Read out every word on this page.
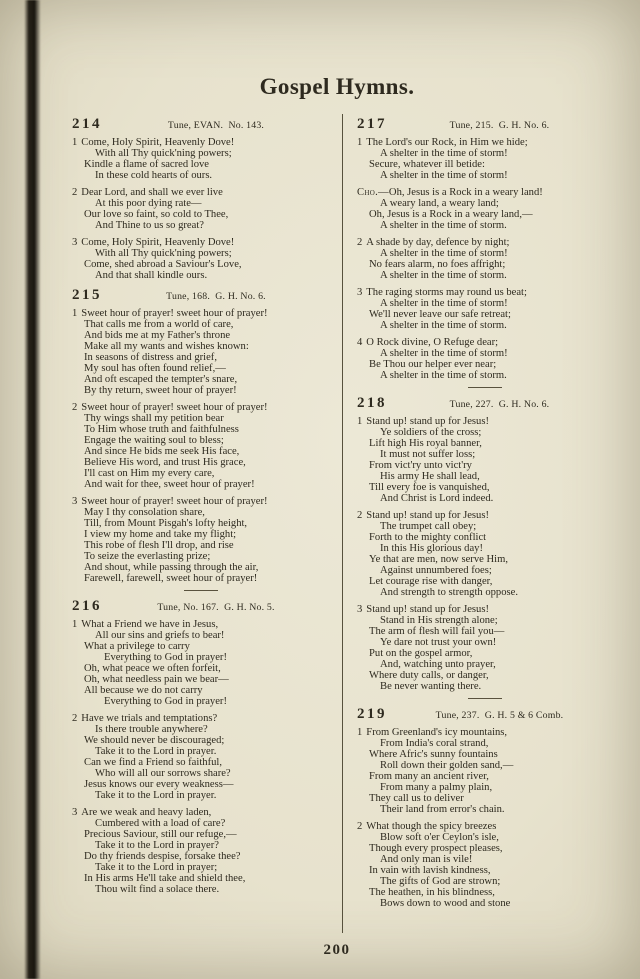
Gospel Hymns.
214	Tune, EVAN.  No. 143.
1 Come, Holy Spirit, Heavenly Dove!
With all Thy quick'ning powers;
Kindle a flame of sacred love
In these cold hearts of ours.
2 Dear Lord, and shall we ever live
At this poor dying rate—
Our love so faint, so cold to Thee,
And Thine to us so great?
3 Come, Holy Spirit, Heavenly Dove!
With all Thy quick'ning powers;
Come, shed abroad a Saviour's Love,
And that shall kindle ours.
215	Tune, 168.  G. H. No. 6.
1 Sweet hour of prayer! sweet hour of prayer!
That calls me from a world of care,
And bids me at my Father's throne
Make all my wants and wishes known:
In seasons of distress and grief,
My soul has often found relief,—
And oft escaped the tempter's snare,
By thy return, sweet hour of prayer!
2 Sweet hour of prayer! sweet hour of prayer!
Thy wings shall my petition bear
To Him whose truth and faithfulness
Engage the waiting soul to bless;
And since He bids me seek His face,
Believe His word, and trust His grace,
I'll cast on Him my every care,
And wait for thee, sweet hour of prayer!
3 Sweet hour of prayer! sweet hour of prayer!
May I thy consolation share,
Till, from Mount Pisgah's lofty height,
I view my home and take my flight;
This robe of flesh I'll drop, and rise
To seize the everlasting prize;
And shout, while passing through the air,
Farewell, farewell, sweet hour of prayer!
216	Tune, No. 167.  G. H. No. 5.
1 What a Friend we have in Jesus,
All our sins and griefs to bear!
What a privilege to carry
Everything to God in prayer!
Oh, what peace we often forfeit,
Oh, what needless pain we bear—
All because we do not carry
Everything to God in prayer!
2 Have we trials and temptations?
Is there trouble anywhere?
We should never be discouraged;
Take it to the Lord in prayer.
Can we find a Friend so faithful,
Who will all our sorrows share?
Jesus knows our every weakness—
Take it to the Lord in prayer.
3 Are we weak and heavy laden,
Cumbered with a load of care?
Precious Saviour, still our refuge,—
Take it to the Lord in prayer?
Do thy friends despise, forsake thee?
Take it to the Lord in prayer;
In His arms He'll take and shield thee,
Thou wilt find a solace there.
217	Tune, 215.  G. H. No. 6.
1 The Lord's our Rock, in Him we hide;
A shelter in the time of storm!
Secure, whatever ill betide:
A shelter in the time of storm!
Cho.—Oh, Jesus is a Rock in a weary land!
A weary land, a weary land;
Oh, Jesus is a Rock in a weary land,—
A shelter in the time of storm.
2 A shade by day, defence by night;
A shelter in the time of storm!
No fears alarm, no foes affright;
A shelter in the time of storm.
3 The raging storms may round us beat;
A shelter in the time of storm!
We'll never leave our safe retreat;
A shelter in the time of storm.
4 O Rock divine, O Refuge dear;
A shelter in the time of storm!
Be Thou our helper ever near;
A shelter in the time of storm.
218	Tune, 227.  G. H. No. 6.
1 Stand up! stand up for Jesus!
Ye soldiers of the cross;
Lift high His royal banner,
It must not suffer loss;
From vict'ry unto vict'ry
His army He shall lead,
Till every foe is vanquished,
And Christ is Lord indeed.
2 Stand up! stand up for Jesus!
The trumpet call obey;
Forth to the mighty conflict
In this His glorious day!
Ye that are men, now serve Him,
Against unnumbered foes;
Let courage rise with danger,
And strength to strength oppose.
3 Stand up! stand up for Jesus!
Stand in His strength alone;
The arm of flesh will fail you—
Ye dare not trust your own!
Put on the gospel armor,
And, watching unto prayer,
Where duty calls, or danger,
Be never wanting there.
219	Tune, 237.  G. H. 5 & 6 Comb.
1 From Greenland's icy mountains,
From India's coral strand,
Where Afric's sunny fountains
Roll down their golden sand,—
From many an ancient river,
From many a palmy plain,
They call us to deliver
Their land from error's chain.
2 What though the spicy breezes
Blow soft o'er Ceylon's isle,
Though every prospect pleases,
And only man is vile!
In vain with lavish kindness,
The gifts of God are strown;
The heathen, in his blindness,
Bows down to wood and stone
200
